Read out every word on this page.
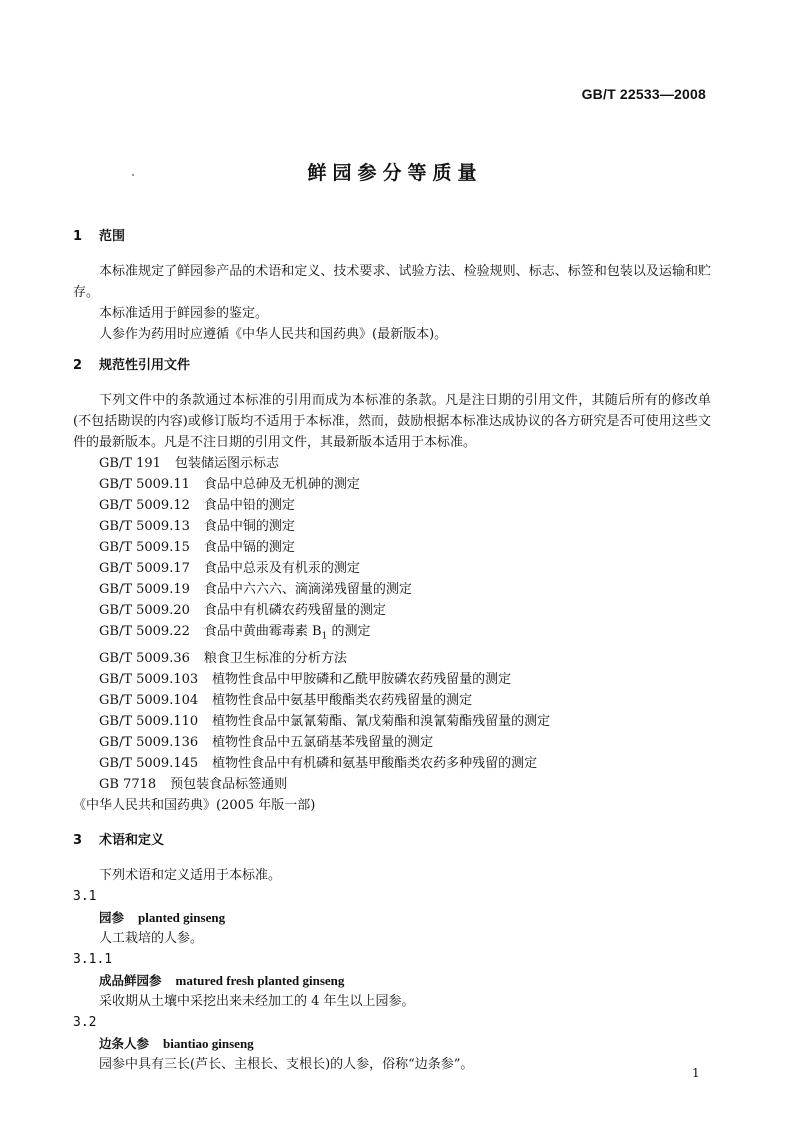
GB/T 22533—2008
鲜园参分等质量

1 范围

本标准规定了鲜园参产品的术语和定义、技术要求、试验方法、检验规则、标志、标签和包装以及运输和贮存。

本标准适用于鲜园参的鉴定。

人参作为药用时应遵循《中华人民共和国药典》(最新版本)。

2 规范性引用文件

下列文件中的条款通过本标准的引用而成为本标准的条款。凡是注日期的引用文件，其随后所有的修改单(不包括勘误的内容)或修订版均不适用于本标准，然而，鼓励根据本标准达成协议的各方研究是否可使用这些文件的最新版本。凡是不注日期的引用文件，其最新版本适用于本标准。

GB/T 191 包装储运图示标志

GB/T 5009.11 食品中总砷及无机砷的测定

GB/T 5009.12 食品中铅的测定

GB/T 5009.13 食品中铜的测定

GB/T 5009.15 食品中镉的测定

GB/T 5009.17 食品中总汞及有机汞的测定

GB/T 5009.19 食品中六六六、滴滴涕残留量的测定

GB/T 5009.20 食品中有机磷农药残留量的测定

GB/T 5009.22 食品中黄曲霉毒素 $B_1$ 的测定

GB/T 5009.36 粮食卫生标准的分析方法

GB/T 5009.103 植物性食品中甲胺磷和乙酰甲胺磷农药残留量的测定

GB/T 5009.104 植物性食品中氨基甲酸酯类农药残留量的测定

GB/T 5009.110 植物性食品中氯氰菊酯、氰戊菊酯和溴氰菊酯残留量的测定

GB/T 5009.136 植物性食品中五氯硝基苯残留量的测定

GB/T 5009.145 植物性食品中有机磷和氨基甲酸酯类农药多种残留的测定

GB 7718 预包装食品标签通则

《中华人民共和国药典》(2005 年版一部)

3 术语和定义

下列术语和定义适用于本标准。

3.1

园参 planted ginseng

人工栽培的人参。

3.1.1

成品鲜园参 matured fresh planted ginseng

采收期从土壤中采挖出来未经加工的 4 年生以上园参。

3.2

边条人参 biantiao ginseng

园参中具有三长(芦长、主根长、支根长)的人参，俗称“边条参”。

1
